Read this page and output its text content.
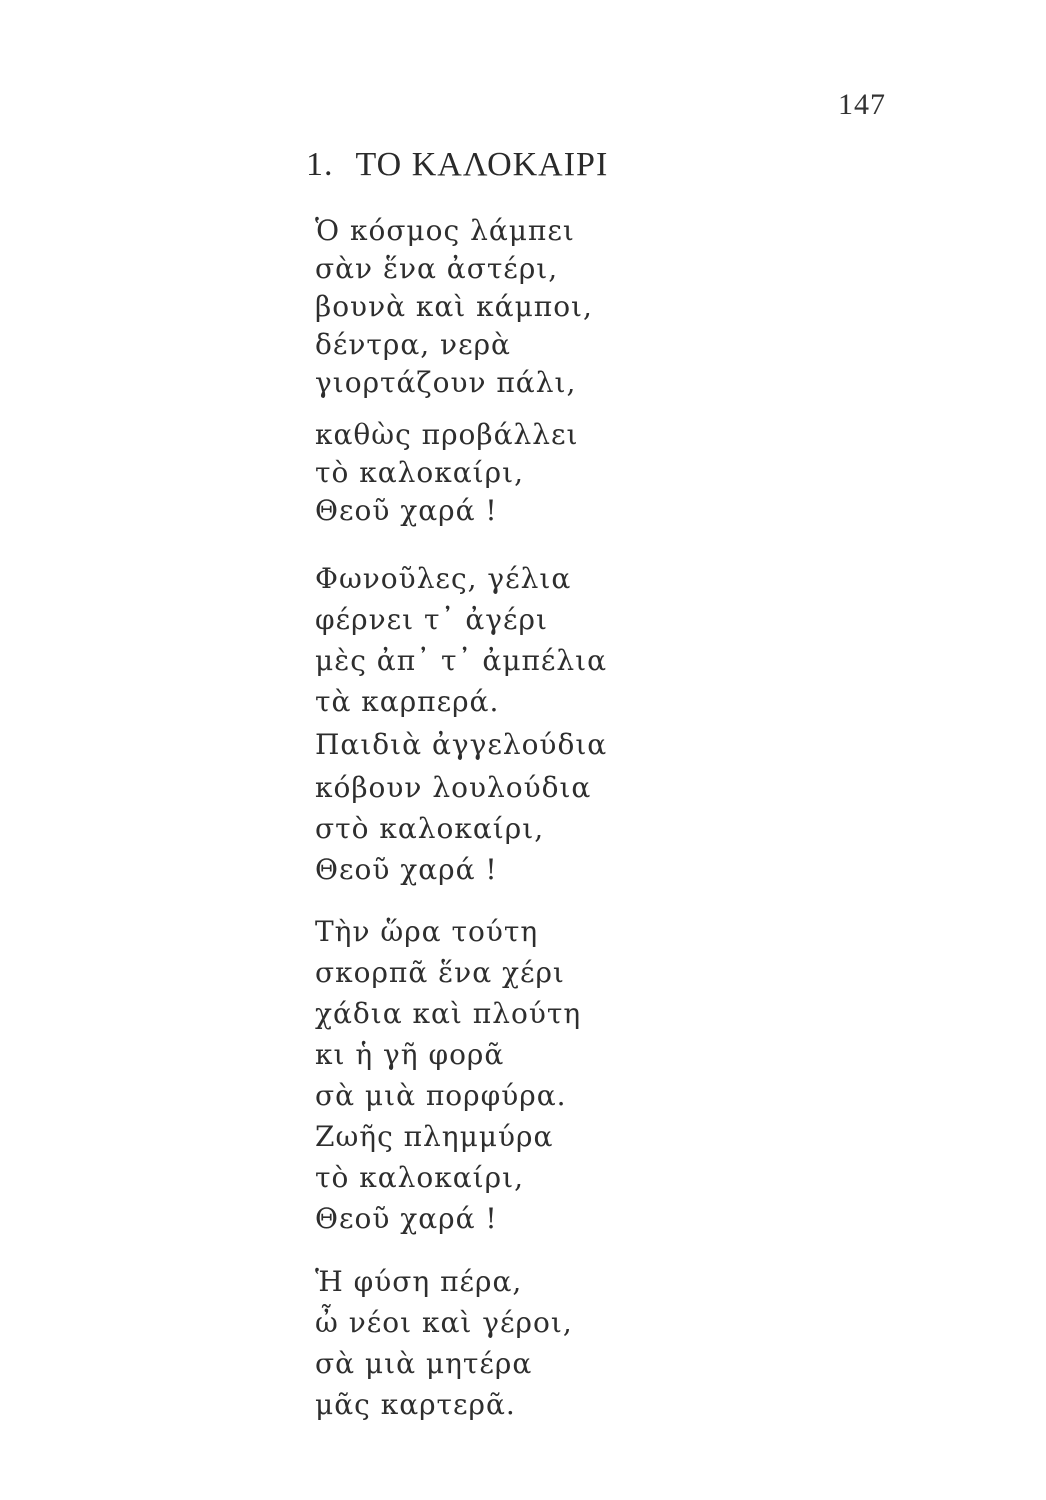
147
1. ΤΟ ΚΑΛΟΚΑΙΡΙ
Ὁ κόσμος λάμπει
σὰν ἕνα ἀστέρι,
βουνὰ καὶ κάμποι,
δέντρα, νερὰ
γιορτάζουν πάλι,
καθὼς προβάλλει
τὸ καλοκαίρι,
Θεοῦ χαρά !
Φωνοῦλες, γέλια
φέρνει τ᾽ ἀγέρι
μὲς ἀπ᾽ τ᾽ ἀμπέλια
τὰ καρπερά.
Παιδιὰ ἀγγελούδια
κόβουν λουλούδια
στὸ καλοκαίρι,
Θεοῦ χαρά !
Τὴν ὥρα τούτη
σκορπᾶ ἕνα χέρι
χάδια καὶ πλούτη
κι ἡ γῆ φορᾶ
σὰ μιὰ πορφύρα.
Ζωῆς πλημμύρα
τὸ καλοκαίρι,
Θεοῦ χαρά !
Ἡ φύση πέρα,
ὦ νέοι καὶ γέροι,
σὰ μιὰ μητέρα
μᾶς καρτερᾶ.
